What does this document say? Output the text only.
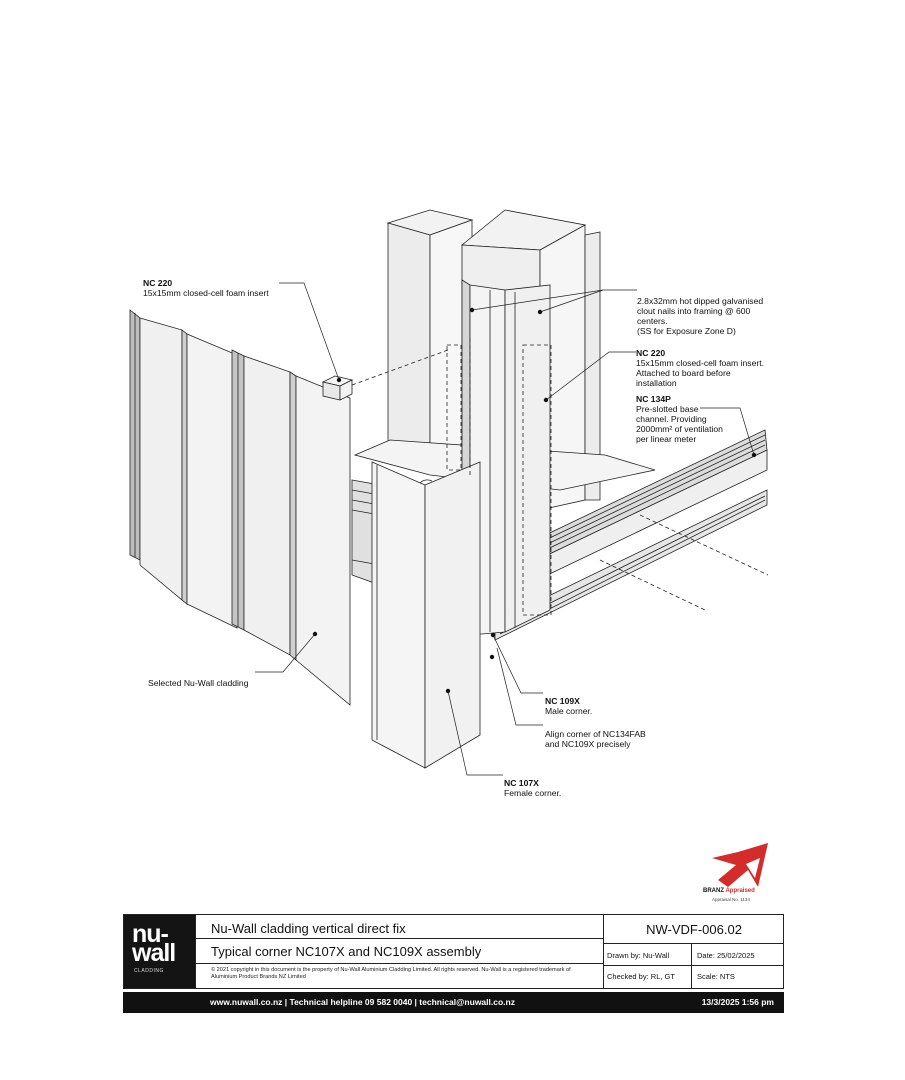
NC 220
15x15mm closed-cell foam insert

2.8x32mm hot dipped galvanised
clout nails into framing @ 600
centers.
(SS for Exposure Zone D)

NC 220
15x15mm closed-cell foam insert.
Attached to board before
installation

NC 134P
Pre-slotted base
channel. Providing
2000mm² of ventilation
per linear meter

Selected Nu-Wall cladding

NC 109X
Male corner.

Align corner of NC134FAB
and NC109X precisely

NC 107X
Female corner.

BRANZ Appraised
Appraisal No. 1134
nu-
wall
CLADDING
Nu-Wall cladding vertical direct fix
Typical corner NC107X and NC109X assembly
© 2021 copyright in this document is the property of Nu-Wall Aluminium Cladding Limited. All rights reserved. Nu-Wall is a registered trademark of Aluminium Product Brands NZ Limited
NW-VDF-006.02
Drawn by: Nu-Wall	Date: 25/02/2025
Checked by: RL, GT	Scale: NTS
www.nuwall.co.nz | Technical helpline 09 582 0040 | technical@nuwall.co.nz	13/3/2025 1:56 pm
